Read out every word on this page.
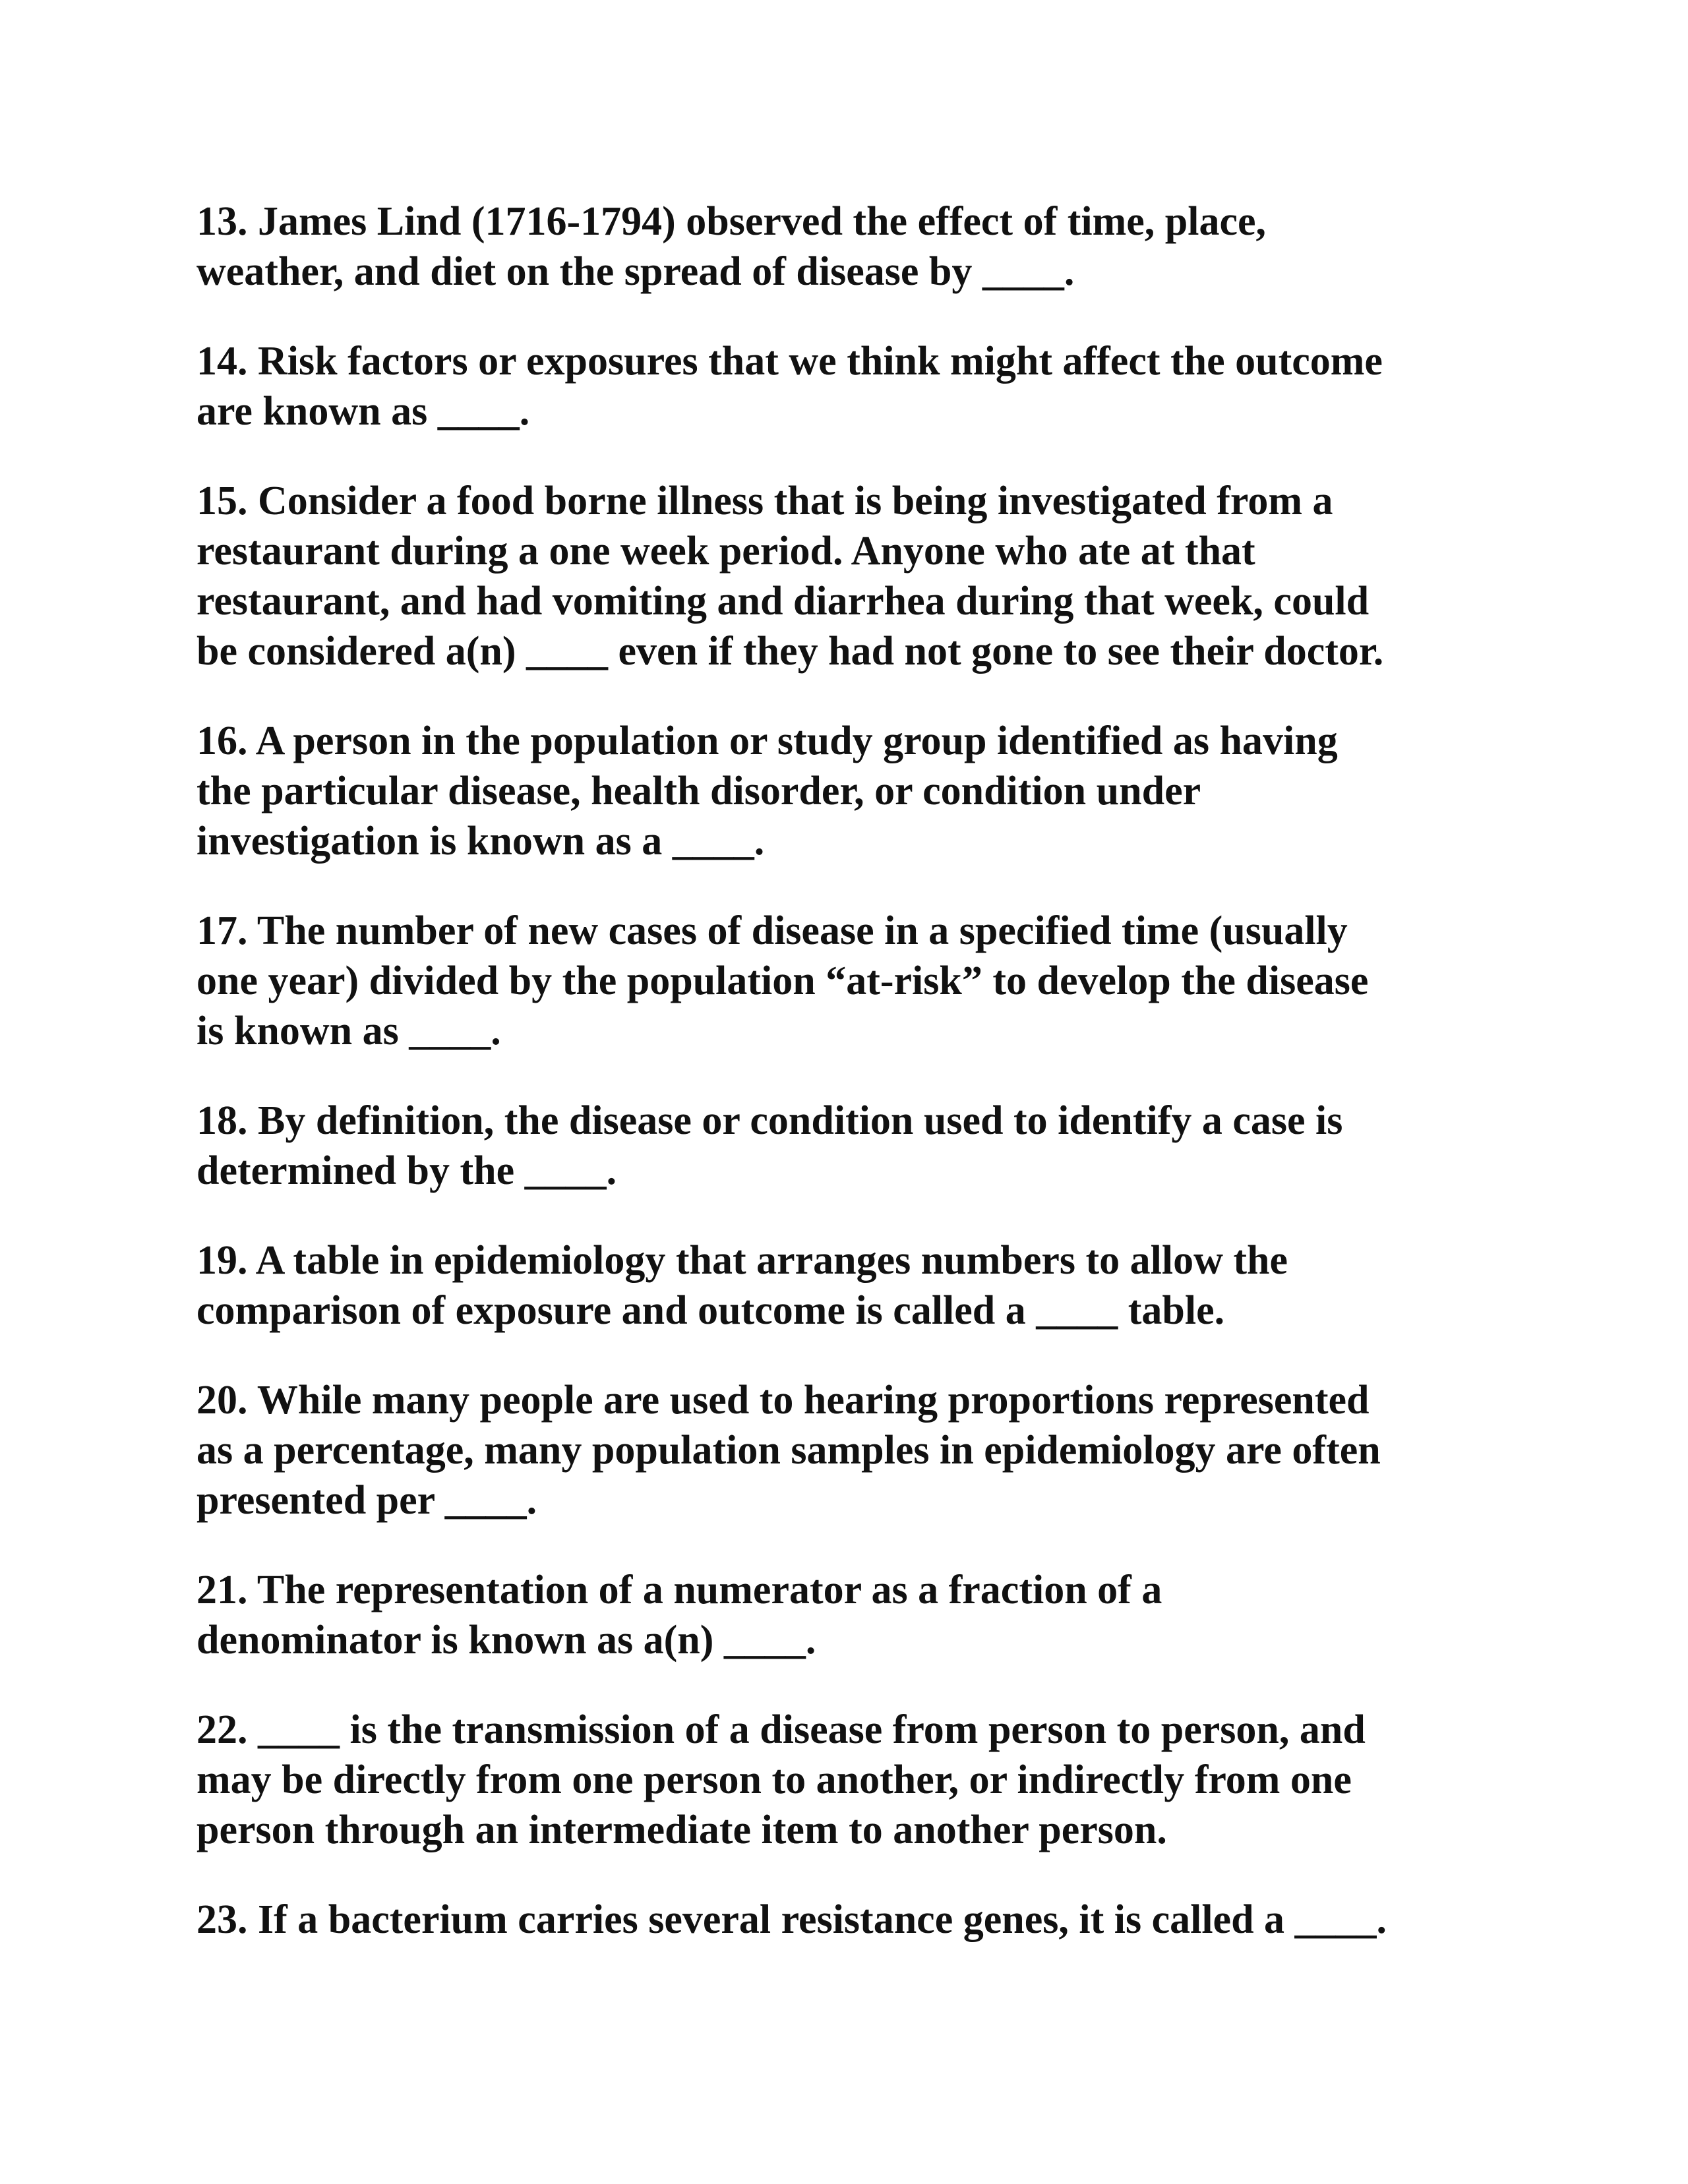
13. James Lind (1716-1794) observed the effect of time, place,
weather, and diet on the spread of disease by ____.

14. Risk factors or exposures that we think might affect the outcome
are known as ____.

15. Consider a food borne illness that is being investigated from a
restaurant during a one week period. Anyone who ate at that
restaurant, and had vomiting and diarrhea during that week, could
be considered a(n) ____ even if they had not gone to see their doctor.

16. A person in the population or study group identified as having
the particular disease, health disorder, or condition under
investigation is known as a ____.

17. The number of new cases of disease in a specified time (usually
one year) divided by the population “at-risk” to develop the disease
is known as ____.

18. By definition, the disease or condition used to identify a case is
determined by the ____.

19. A table in epidemiology that arranges numbers to allow the
comparison of exposure and outcome is called a ____ table.

20. While many people are used to hearing proportions represented
as a percentage, many population samples in epidemiology are often
presented per ____.

21. The representation of a numerator as a fraction of a
denominator is known as a(n) ____.

22. ____ is the transmission of a disease from person to person, and
may be directly from one person to another, or indirectly from one
person through an intermediate item to another person.

23. If a bacterium carries several resistance genes, it is called a ____.
